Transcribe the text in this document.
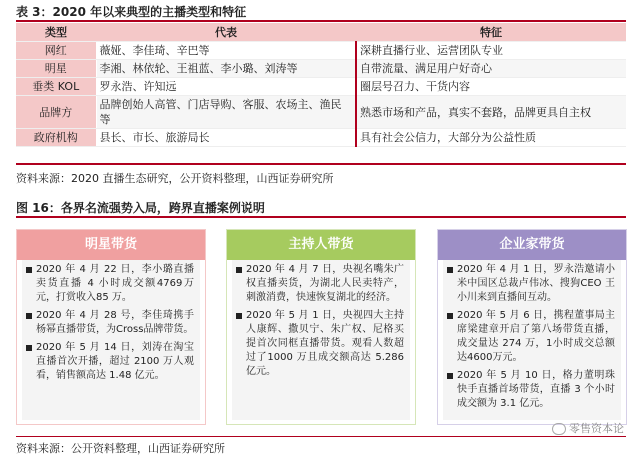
表 3：2020 年以来典型的主播类型和特征
类型	代表	特征
网红	薇娅、李佳琦、辛巴等	深耕直播行业、运营团队专业
明星	李湘、林依轮、王祖蓝、李小璐、刘涛等	自带流量、满足用户好奇心
垂类 KOL	罗永浩、许知远	圈层号召力、干货内容
品牌方	品牌创始人高管、门店导购、客服、农场主、渔民等	熟悉市场和产品，真实不套路，品牌更具自主权
政府机构	县长、市长、旅游局长	具有社会公信力，大部分为公益性质
资料来源：2020 直播生态研究，公开资料整理，山西证券研究所
图 16：各界名流强势入局，跨界直播案例说明
明星带货
2020 年 4 月 22 日，李小璐直播卖货直播 4 小时成交额4769万元，打赏收入85 万。
2020 年 4 月 28 号，李佳琦携手杨幂直播带货，为Cross品牌带货。
2020 年 5 月 14 日，刘涛在淘宝直播首次开播，超过 2100 万人观看，销售额高达 1.48 亿元。
主持人带货
2020 年 4 月 7 日，央视名嘴朱广权直播卖货，为湖北人民卖特产，刺激消费，快速恢复湖北的经济。
2020 年 5 月 1 日，央视四大主持人康辉、撒贝宁、朱广权、尼格买提首次同框直播带货。观看人数超过了1000 万且成交额高达 5.286 亿元。
企业家带货
2020 年 4 月 1 日，罗永浩邀请小米中国区总裁卢伟冰、搜狗CEO 王小川来到直播间互动。
2020 年 5 月 6 日，携程董事局主席梁建章开启了第八场带货直播，成交量达 274 万，1小时成交总额达4600万元。
2020 年 5 月 10 日，格力董明珠快手直播首场带货，直播 3 个小时成交额为 3.1 亿元。
零售资本论
资料来源：公开资料整理，山西证券研究所
